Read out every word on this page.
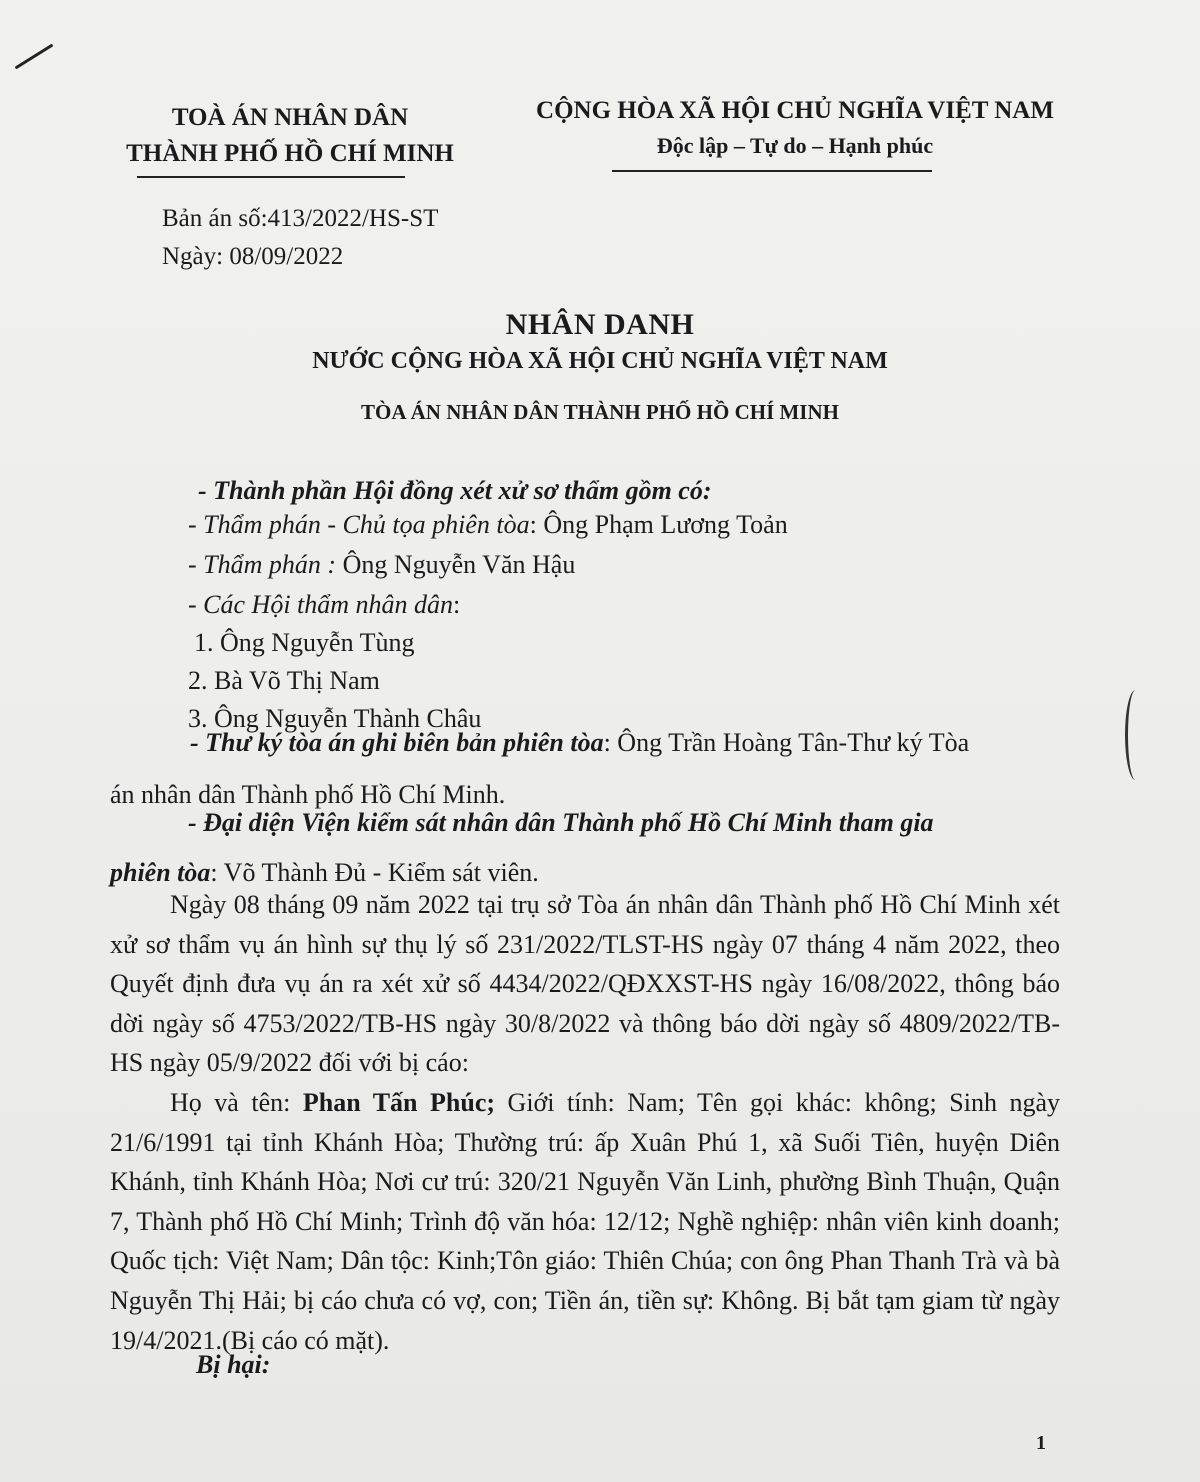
TOÀ ÁN NHÂN DÂN
THÀNH PHỐ HỒ CHÍ MINH
CỘNG HÒA XÃ HỘI CHỦ NGHĨA VIỆT NAM
Độc lập – Tự do – Hạnh phúc
Bản án số:413/2022/HS-ST
Ngày: 08/09/2022
NHÂN DANH
NƯỚC CỘNG HÒA XÃ HỘI CHỦ NGHĨA VIỆT NAM
TÒA ÁN NHÂN DÂN THÀNH PHỐ HỒ CHÍ MINH
- Thành phần Hội đồng xét xử sơ thẩm gồm có:
- Thẩm phán - Chủ tọa phiên tòa: Ông Phạm Lương Toản
- Thẩm phán : Ông Nguyễn Văn Hậu
- Các Hội thẩm nhân dân:
1. Ông Nguyễn Tùng
2. Bà Võ Thị Nam
3. Ông Nguyễn Thành Châu
- Thư ký tòa án ghi biên bản phiên tòa: Ông Trần Hoàng Tân-Thư ký Tòa
án nhân dân Thành phố Hồ Chí Minh.
- Đại diện Viện kiểm sát nhân dân Thành phố Hồ Chí Minh tham gia
phiên tòa: Võ Thành Đủ - Kiểm sát viên.

Ngày 08 tháng 09 năm 2022 tại trụ sở Tòa án nhân dân Thành phố Hồ Chí Minh xét xử sơ thẩm vụ án hình sự thụ lý số 231/2022/TLST-HS ngày 07 tháng 4 năm 2022, theo Quyết định đưa vụ án ra xét xử số 4434/2022/QĐXXST-HS ngày 16/08/2022, thông báo dời ngày số 4753/2022/TB-HS ngày 30/8/2022 và thông báo dời ngày số 4809/2022/TB-HS ngày 05/9/2022 đối với bị cáo:

Họ và tên: Phan Tấn Phúc; Giới tính: Nam; Tên gọi khác: không; Sinh ngày 21/6/1991 tại tỉnh Khánh Hòa; Thường trú: ấp Xuân Phú 1, xã Suối Tiên, huyện Diên Khánh, tỉnh Khánh Hòa; Nơi cư trú: 320/21 Nguyễn Văn Linh, phường Bình Thuận, Quận 7, Thành phố Hồ Chí Minh; Trình độ văn hóa: 12/12; Nghề nghiệp: nhân viên kinh doanh; Quốc tịch: Việt Nam; Dân tộc: Kinh;Tôn giáo: Thiên Chúa; con ông Phan Thanh Trà và bà Nguyễn Thị Hải; bị cáo chưa có vợ, con; Tiền án, tiền sự: Không. Bị bắt tạm giam từ ngày 19/4/2021.(Bị cáo có mặt).

Bị hại:
1
